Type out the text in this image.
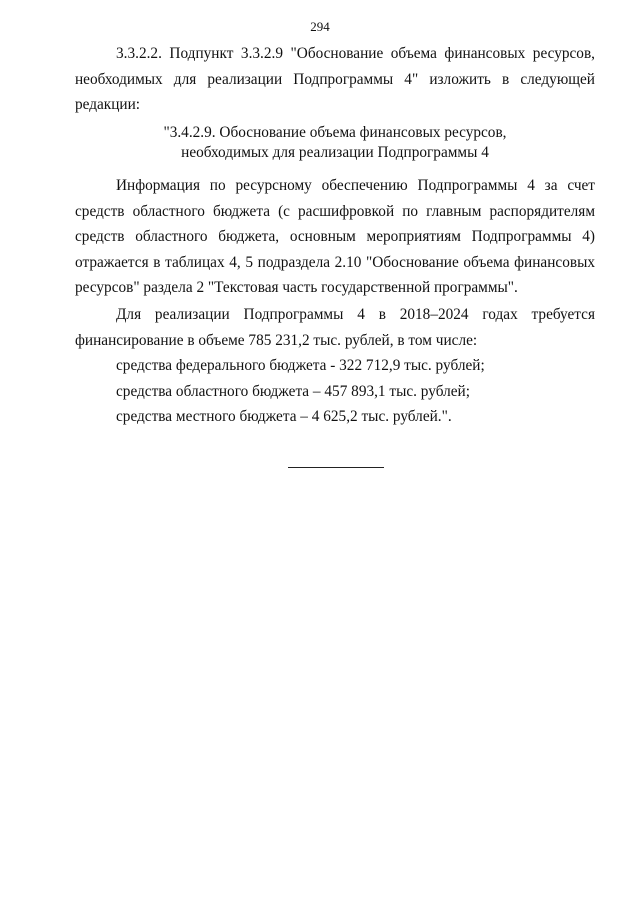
294

3.3.2.2. Подпункт 3.3.2.9 "Обоснование объема финансовых ресурсов, необходимых для реализации Подпрограммы 4" изложить в следующей редакции:

"3.4.2.9. Обоснование объема финансовых ресурсов,
необходимых для реализации Подпрограммы 4

Информация по ресурсному обеспечению Подпрограммы 4 за счет средств областного бюджета (с расшифровкой по главным распорядителям средств областного бюджета, основным мероприятиям Подпрограммы 4) отражается в таблицах 4, 5 подраздела 2.10 "Обоснование объема финансовых ресурсов" раздела 2 "Текстовая часть государственной программы".

Для реализации Подпрограммы 4 в 2018–2024 годах требуется финансирование в объеме 785 231,2 тыс. рублей, в том числе:

средства федерального бюджета - 322 712,9 тыс. рублей;

средства областного бюджета – 457 893,1 тыс. рублей;

средства местного бюджета – 4 625,2 тыс. рублей.".
